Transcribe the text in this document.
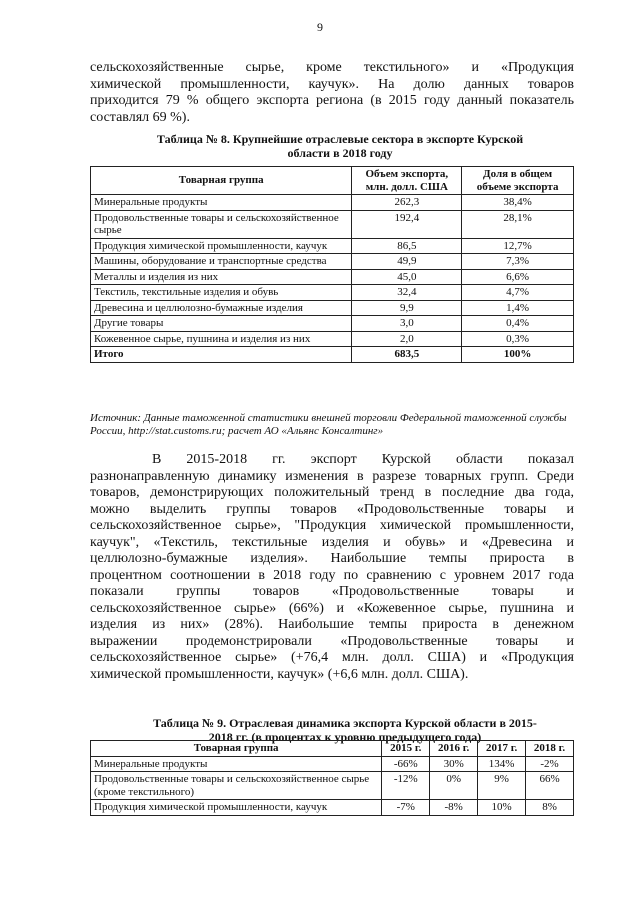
9
сельскохозяйственные сырье, кроме текстильного» и «Продукция
химической промышленности, каучук». На долю данных товаров
приходится 79 % общего экспорта региона (в 2015 году данный показатель
составлял 69 %).
Таблица № 8. Крупнейшие отраслевые сектора в экспорте Курской
области в 2018 году
Товарная группа	Объем экспорта, млн. долл. США	Доля в общем объеме экспорта
Минеральные продукты	262,3	38,4%
Продовольственные товары и сельскохозяйственное сырье	192,4	28,1%
Продукция химической промышленности, каучук	86,5	12,7%
Машины, оборудование и транспортные средства	49,9	7,3%
Металлы и изделия из них	45,0	6,6%
Текстиль, текстильные изделия и обувь	32,4	4,7%
Древесина и целлюлозно-бумажные изделия	9,9	1,4%
Другие товары	3,0	0,4%
Кожевенное сырье, пушнина и изделия из них	2,0	0,3%
Итого	683,5	100%
Источник: Данные таможенной статистики внешней торговли Федеральной таможенной службы России, http://stat.customs.ru; расчет АО «Альянс Консалтинг»
В 2015-2018 гг. экспорт Курской области показал
разнонаправленную динамику изменения в разрезе товарных групп. Среди
товаров, демонстрирующих положительный тренд в последние два года,
можно выделить группы товаров «Продовольственные товары и
сельскохозяйственное сырье», "Продукция химической промышленности,
каучук", «Текстиль, текстильные изделия и обувь» и «Древесина и
целлюлозно-бумажные изделия». Наибольшие темпы прироста в
процентном соотношении в 2018 году по сравнению с уровнем 2017 года
показали группы товаров «Продовольственные товары и
сельскохозяйственное сырье» (66%) и «Кожевенное сырье, пушнина и
изделия из них» (28%). Наибольшие темпы прироста в денежном
выражении продемонстрировали «Продовольственные товары и
сельскохозяйственное сырье» (+76,4 млн. долл. США) и «Продукция
химической промышленности, каучук» (+6,6 млн. долл. США).
Таблица № 9. Отраслевая динамика экспорта Курской области в 2015-
2018 гг. (в процентах к уровню предыдущего года)
Товарная группа	2015 г.	2016 г.	2017 г.	2018 г.
Минеральные продукты	-66%	30%	134%	-2%
Продовольственные товары и сельскохозяйственное сырье (кроме текстильного)	-12%	0%	9%	66%
Продукция химической промышленности, каучук	-7%	-8%	10%	8%
